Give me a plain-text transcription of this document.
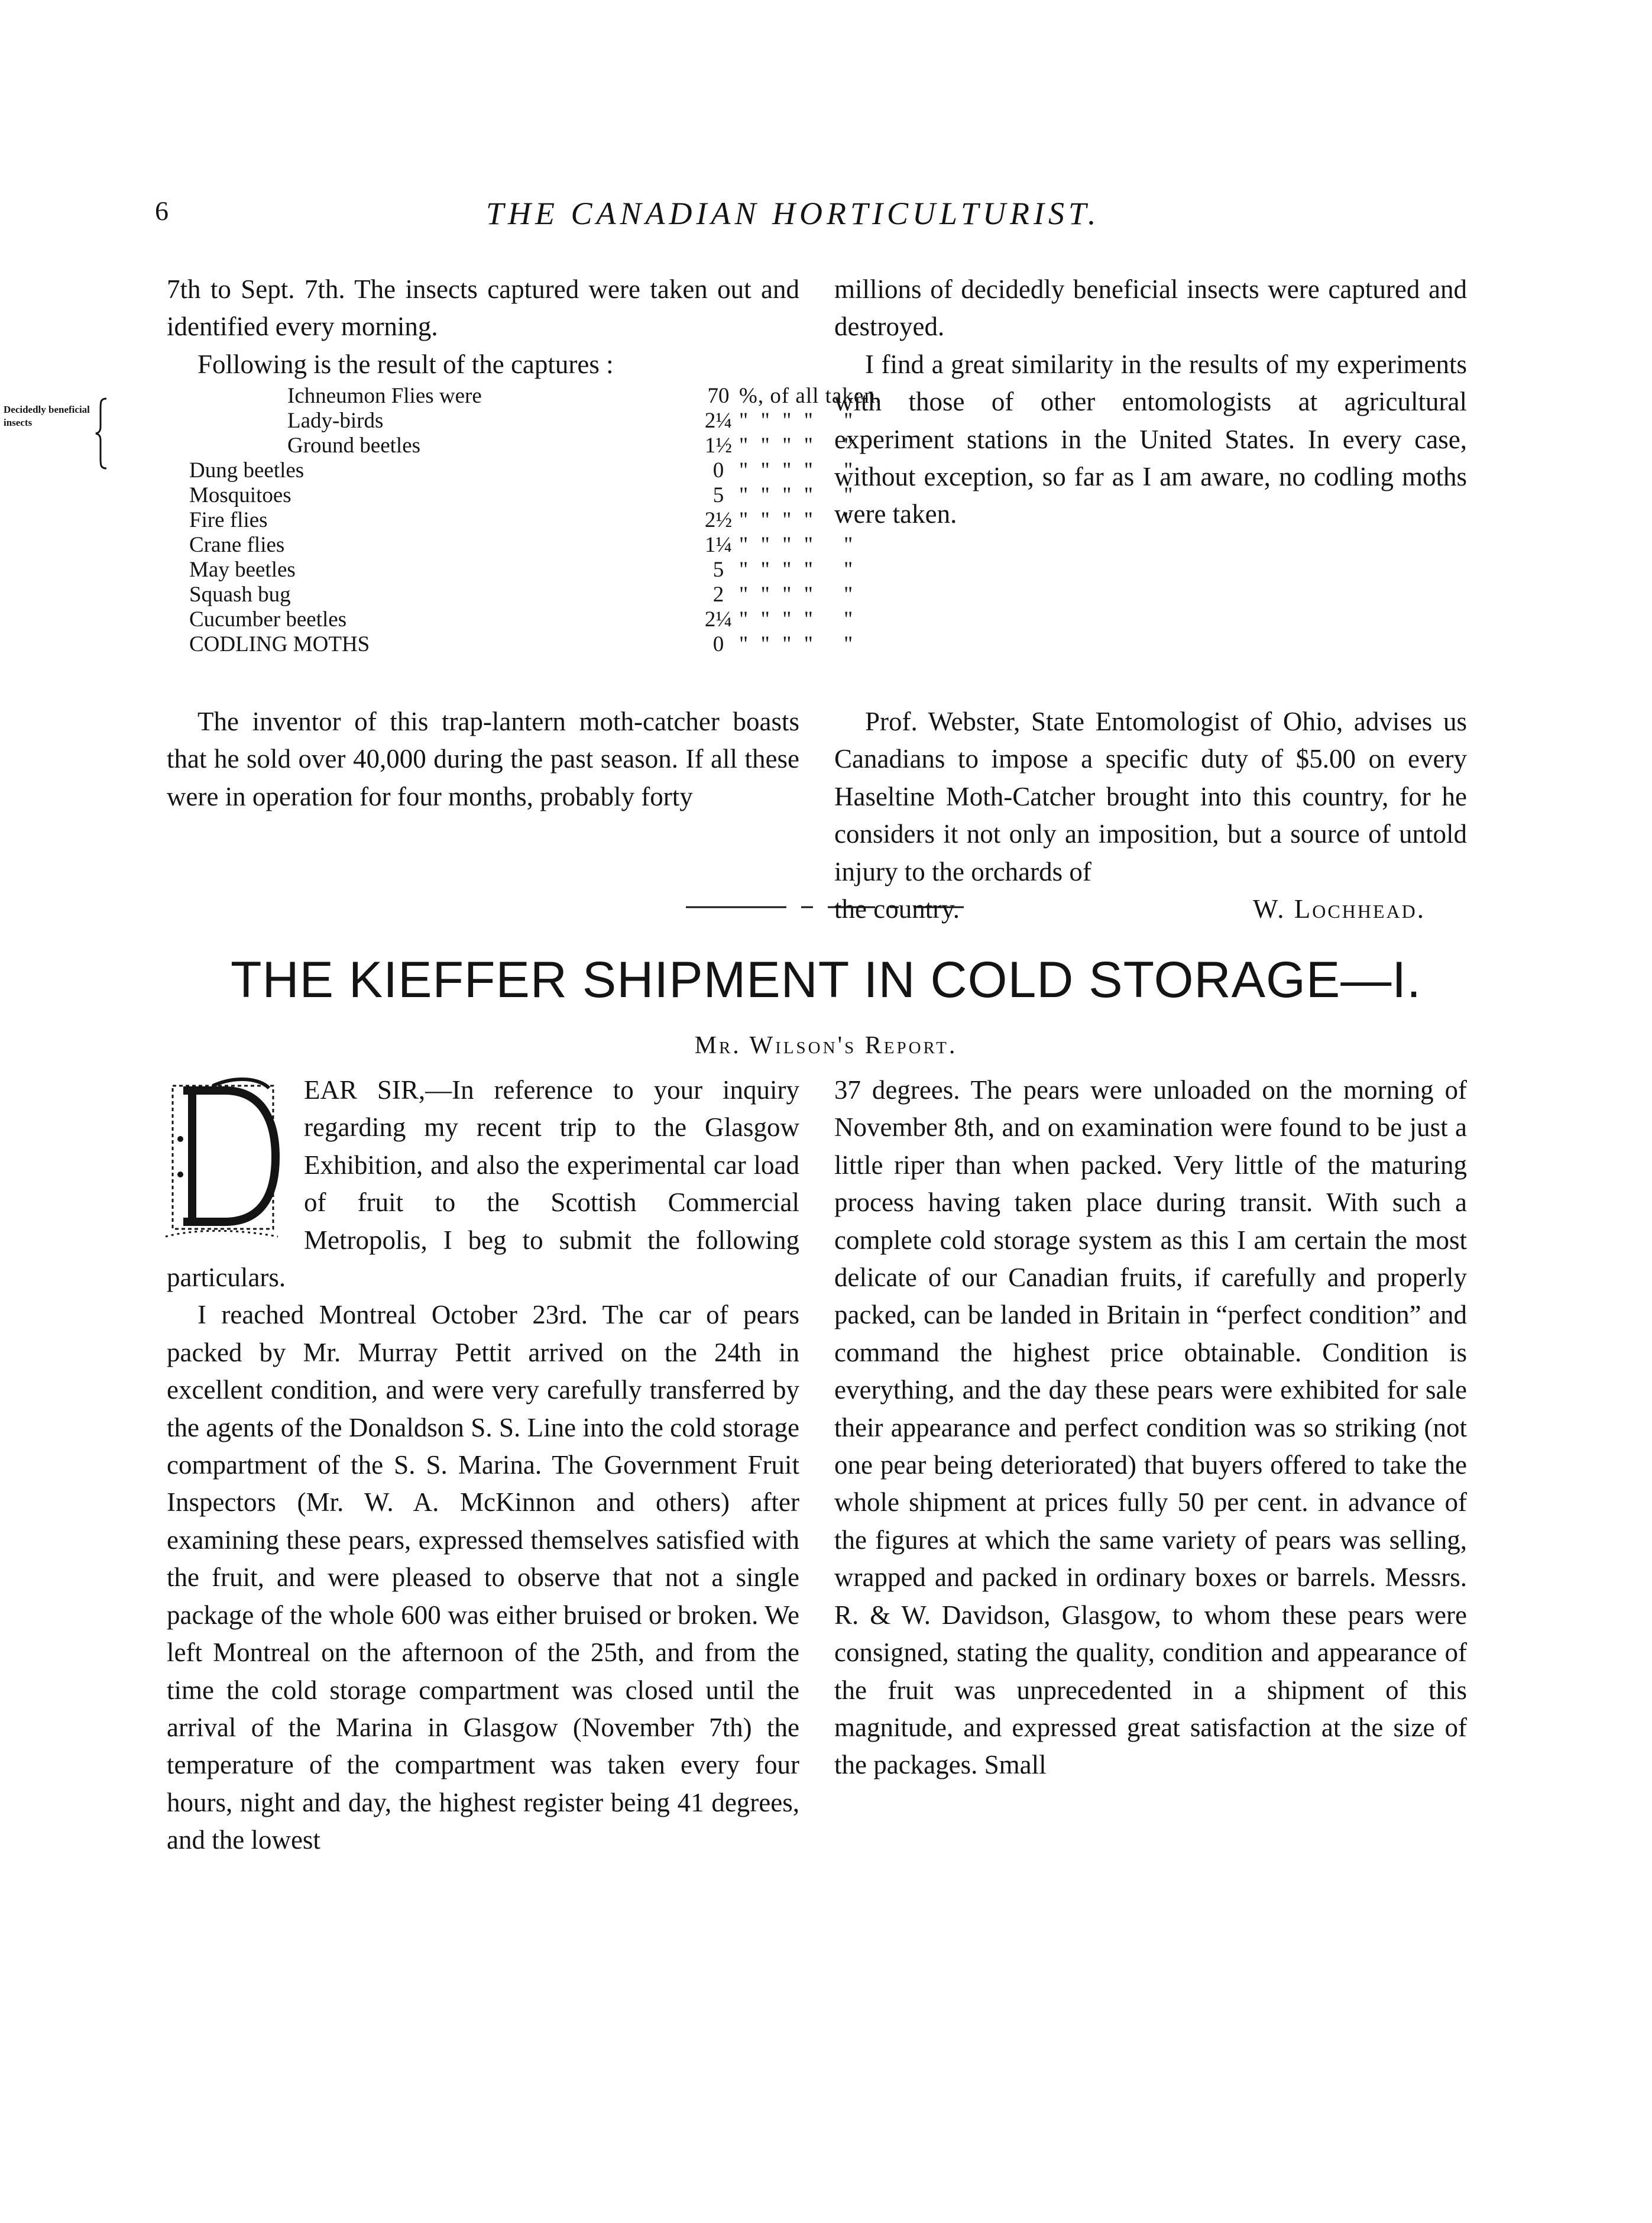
6	THE CANADIAN HORTICULTURIST.

7th to Sept. 7th. The insects captured were taken out and identified every morning.

Following is the result of the captures :

Ichneumon Flies were	70 %, of all taken.
Lady-birds	2¼ "  "  "  "     "
Ground beetles	1½ "  "  "  "     "
Dung beetles	0 "  "  "  "     "
Mosquitoes	5 "  "  "  "     "
Fire flies	2½ "  "  "  "     "
Crane flies	1¼ "  "  "  "     "
May beetles	5 "  "  "  "     "
Squash bug	2 "  "  "  "     "
Cucumber beetles	2¼ "  "  "  "     "
CODLING MOTHS	0 "  "  "  "     "
Decidedly beneficial insects

The inventor of this trap-lantern moth-catcher boasts that he sold over 40,000 during the past season. If all these were in operation for four months, probably forty

millions of decidedly beneficial insects were captured and destroyed.

I find a great similarity in the results of my experiments with those of other entomologists at agricultural experiment stations in the United States. In every case, without exception, so far as I am aware, no codling moths were taken.

Prof. Webster, State Entomologist of Ohio, advises us Canadians to impose a specific duty of $5.00 on every Haseltine Moth-Catcher brought into this country, for he considers it not only an imposition, but a source of untold injury to the orchards of

the country.	W. Lochhead.
THE KIEFFER SHIPMENT IN COLD STORAGE—I.
Mr. Wilson's Report.

EAR SIR,—In reference to your inquiry regarding my recent trip to the Glasgow Exhibition, and also the experimental car load of fruit to the Scottish Commercial Metropolis, I beg to submit the following particulars.

I reached Montreal October 23rd. The car of pears packed by Mr. Murray Pettit arrived on the 24th in excellent condition, and were very carefully transferred by the agents of the Donaldson S. S. Line into the cold storage compartment of the S. S. Marina. The Government Fruit Inspectors (Mr. W. A. McKinnon and others) after examining these pears, expressed themselves satisfied with the fruit, and were pleased to observe that not a single package of the whole 600 was either bruised or broken. We left Montreal on the afternoon of the 25th, and from the time the cold storage compartment was closed until the arrival of the Marina in Glasgow (November 7th) the temperature of the compartment was taken every four hours, night and day, the highest register being 41 degrees, and the lowest

37 degrees. The pears were unloaded on the morning of November 8th, and on examination were found to be just a little riper than when packed. Very little of the maturing process having taken place during transit. With such a complete cold storage system as this I am certain the most delicate of our Canadian fruits, if carefully and properly packed, can be landed in Britain in “perfect condition” and command the highest price obtainable. Condition is everything, and the day these pears were exhibited for sale their appearance and perfect condition was so striking (not one pear being deteriorated) that buyers offered to take the whole shipment at prices fully 50 per cent. in advance of the figures at which the same variety of pears was selling, wrapped and packed in ordinary boxes or barrels. Messrs. R. & W. Davidson, Glasgow, to whom these pears were consigned, stating the quality, condition and appearance of the fruit was unprecedented in a shipment of this magnitude, and expressed great satisfaction at the size of the packages. Small
